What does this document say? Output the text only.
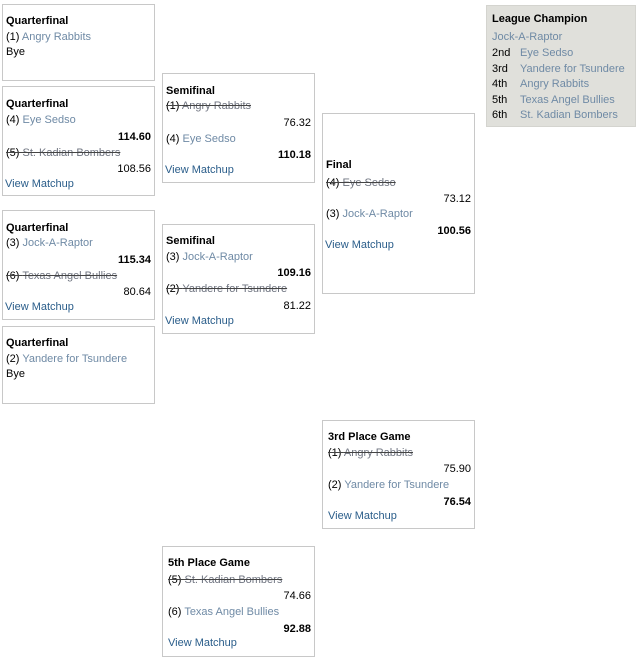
Quarterfinal
(1) Angry Rabbits
Bye
Quarterfinal
(4) Eye Sedso
114.60
(5) St. Kadian Bombers
108.56
View Matchup
Quarterfinal
(3) Jock-A-Raptor
115.34
(6) Texas Angel Bullies
80.64
View Matchup
Quarterfinal
(2) Yandere for Tsundere
Bye
Semifinal
(1) Angry Rabbits
76.32
(4) Eye Sedso
110.18
View Matchup
Semifinal
(3) Jock-A-Raptor
109.16
(2) Yandere for Tsundere
81.22
View Matchup
Final
(4) Eye Sedso
73.12
(3) Jock-A-Raptor
100.56
View Matchup
3rd Place Game
(1) Angry Rabbits
75.90
(2) Yandere for Tsundere
76.54
View Matchup
5th Place Game
(5) St. Kadian Bombers
74.66
(6) Texas Angel Bullies
92.88
View Matchup
League Champion
Jock-A-Raptor
2nd Eye Sedso
3rd Yandere for Tsundere
4th Angry Rabbits
5th Texas Angel Bullies
6th St. Kadian Bombers
